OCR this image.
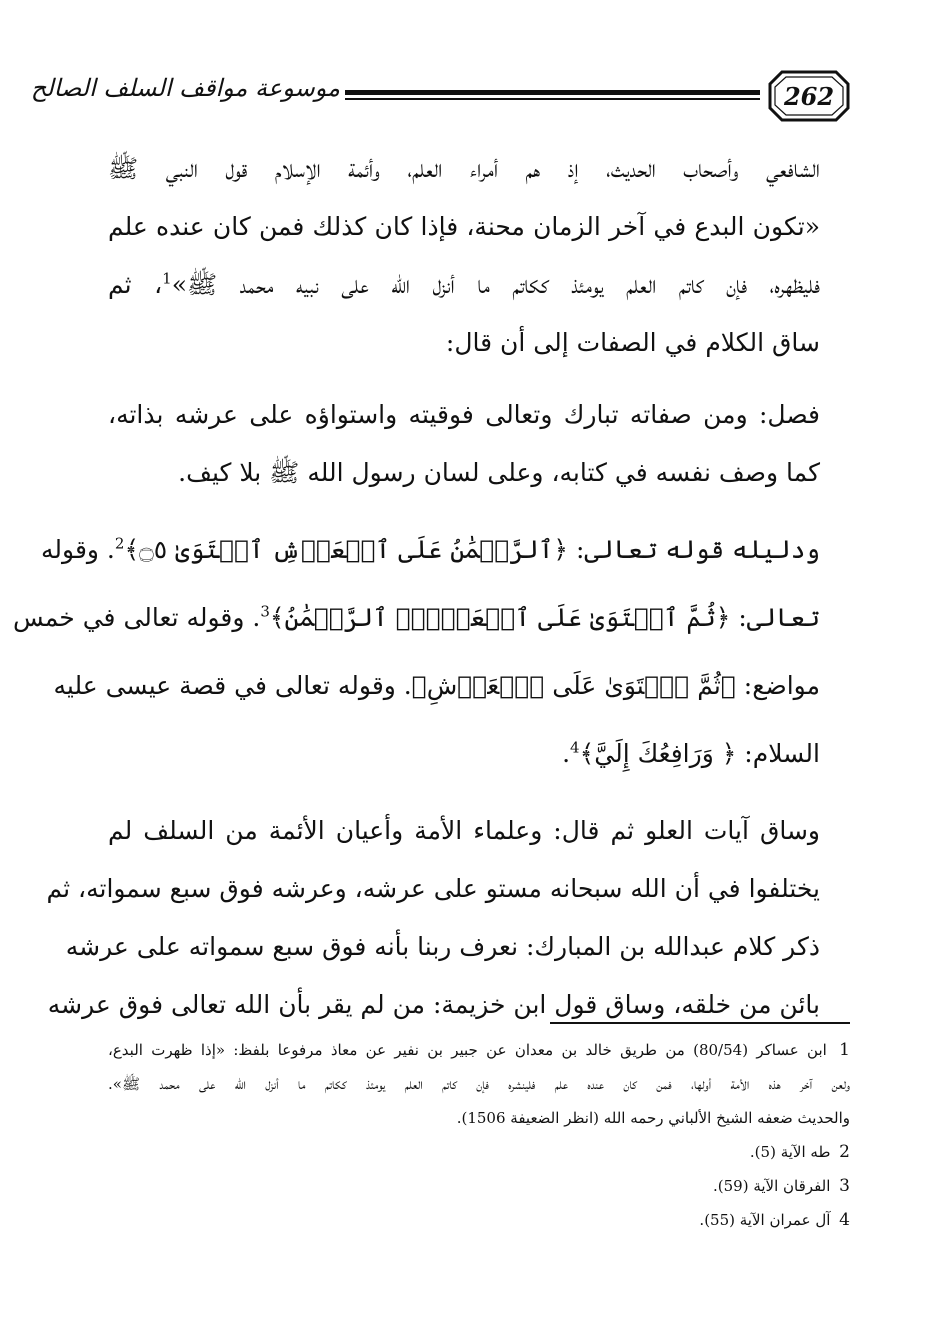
موسوعة مواقف السلف الصالح	262
الشافعي وأصحاب الحديث، إذ هم أمراء العلم، وأئمة الإسلام قول النبي ﷺ
«تكون البدع في آخر الزمان محنة، فإذا كان كذلك فمن كان عنده علم
فليظهره، فإن كاتم العلم يومئذ ككاتم ما أنزل الله على نبيه محمد ﷺ»$^1$، ثم
ساق الكلام في الصفات إلى أن قال:
فصل: ومن صفاته تبارك وتعالى فوقيته واستواؤه على عرشه بذاته،
كما وصف نفسه في كتابه، وعلى لسان رسول الله ﷺ بلا كيف.
ودليله قوله تعالى: ﴿ٱلرَّحۡمَٰنُ عَلَى ٱلۡعَرۡشِ ٱسۡتَوَىٰ ۝٥﴾$^2$. وقوله
تعالى: ﴿ثُمَّ ٱسۡتَوَىٰ عَلَى ٱلۡعَرۡشِۚ ٱلرَّحۡمَٰنُ﴾$^3$. وقوله تعالى في خمس
مواضع: ﴿ثُمَّ ٱسۡتَوَىٰ عَلَى ٱلۡعَرۡشِ﴾. وقوله تعالى في قصة عيسى عليه
السلام: ﴿ وَرَافِعُكَ إِلَيَّ﴾$^4$.
وساق آيات العلو ثم قال: وعلماء الأمة وأعيان الأئمة من السلف لم
يختلفوا في أن الله سبحانه مستو على عرشه، وعرشه فوق سبع سمواته، ثم
ذكر كلام عبدالله بن المبارك: نعرف ربنا بأنه فوق سبع سمواته على عرشه
بائن من خلقه، وساق قول ابن خزيمة: من لم يقر بأن الله تعالى فوق عرشه
1 ابن عساكر (80/54) من طريق خالد بن معدان عن جبير بن نفير عن معاذ مرفوعا بلفظ: «إذا ظهرت البدع،
ولعن آخر هذه الأمة أولها، فمن كان عنده علم فلينشره فإن كاتم العلم يومئذ ككاتم ما أنزل الله على محمد ﷺ».
والحديث ضعفه الشيخ الألباني رحمه الله (انظر الضعيفة 1506).
2 طه الآية (5).
3 الفرقان الآية (59).
4 آل عمران الآية (55).
